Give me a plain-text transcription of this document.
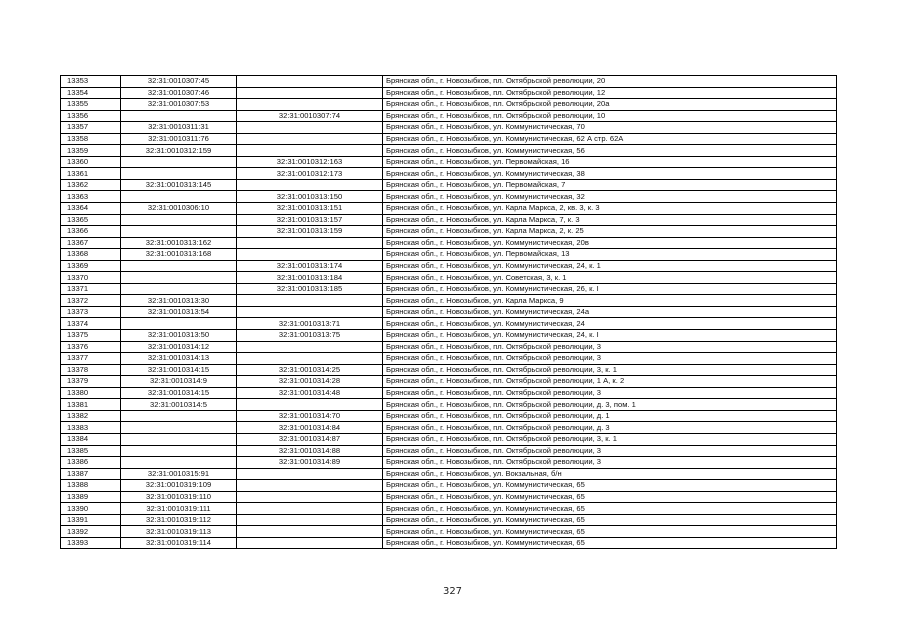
13353	32:31:0010307:45		Брянская обл., г. Новозыбков, пл. Октябрьской революции, 20
13354	32:31:0010307:46		Брянская обл., г. Новозыбков, пл. Октябрьской революции, 12
13355	32:31:0010307:53		Брянская обл., г. Новозыбков, пл. Октябрьской революции, 20а
13356		32:31:0010307:74	Брянская обл., г. Новозыбков, пл. Октябрьской революции, 10
13357	32:31:0010311:31		Брянская обл., г. Новозыбков, ул. Коммунистическая, 70
13358	32:31:0010311:76		Брянская обл., г. Новозыбков, ул. Коммунистическая, 62 А стр. 62А
13359	32:31:0010312:159		Брянская обл., г. Новозыбков, ул. Коммунистическая, 56
13360		32:31:0010312:163	Брянская обл., г. Новозыбков, ул. Первомайская, 16
13361		32:31:0010312:173	Брянская обл., г. Новозыбков, ул. Коммунистическая, 38
13362	32:31:0010313:145		Брянская обл., г. Новозыбков, ул. Первомайская, 7
13363		32:31:0010313:150	Брянская обл., г. Новозыбков, ул. Коммунистическая, 32
13364	32:31:0010306:10	32:31:0010313:151	Брянская обл., г. Новозыбков, ул. Карла Маркса, 2, кв. 3, к. 3
13365		32:31:0010313:157	Брянская обл., г. Новозыбков, ул. Карла Маркса, 7, к. 3
13366		32:31:0010313:159	Брянская обл., г. Новозыбков, ул. Карла Маркса, 2, к. 25
13367	32:31:0010313:162		Брянская обл., г. Новозыбков, ул. Коммунистическая, 20в
13368	32:31:0010313:168		Брянская обл., г. Новозыбков, ул. Первомайская, 13
13369		32:31:0010313:174	Брянская обл., г. Новозыбков, ул. Коммунистическая, 24, к. 1
13370		32:31:0010313:184	Брянская обл., г. Новозыбков, ул. Советская, 3, к. 1
13371		32:31:0010313:185	Брянская обл., г. Новозыбков, ул. Коммунистическая, 26, к. I
13372	32:31:0010313:30		Брянская обл., г. Новозыбков, ул. Карла Маркса, 9
13373	32:31:0010313:54		Брянская обл., г. Новозыбков, ул. Коммунистическая, 24а
13374		32:31:0010313:71	Брянская обл., г. Новозыбков, ул. Коммунистическая, 24
13375	32:31:0010313:50	32:31:0010313:75	Брянская обл., г. Новозыбков, ул. Коммунистическая, 24, к. I
13376	32:31:0010314:12		Брянская обл., г. Новозыбков, пл. Октябрьской революции, 3
13377	32:31:0010314:13		Брянская обл., г. Новозыбков, пл. Октябрьской революции, 3
13378	32:31:0010314:15	32:31:0010314:25	Брянская обл., г. Новозыбков, пл. Октябрьской революции, 3, к. 1
13379	32:31:0010314:9	32:31:0010314:28	Брянская обл., г. Новозыбков, пл. Октябрьской революции, 1 А, к. 2
13380	32:31:0010314:15	32:31:0010314:48	Брянская обл., г. Новозыбков, пл. Октябрьской революции, 3
13381	32:31:0010314:5		Брянская обл., г. Новозыбков, пл. Октябрьской революции, д. 3, пом. 1
13382		32:31:0010314:70	Брянская обл., г. Новозыбков, пл. Октябрьской революции, д. 1
13383		32:31:0010314:84	Брянская обл., г. Новозыбков, пл. Октябрьской революции, д. 3
13384		32:31:0010314:87	Брянская обл., г. Новозыбков, пл. Октябрьской революции, 3, к. 1
13385		32:31:0010314:88	Брянская обл., г. Новозыбков, пл. Октябрьской революции, 3
13386		32:31:0010314:89	Брянская обл., г. Новозыбков, пл. Октябрьской революции, 3
13387	32:31:0010315:91		Брянская обл., г. Новозыбков, ул. Вокзальная, б/н
13388	32:31:0010319:109		Брянская обл., г. Новозыбков, ул. Коммунистическая, 65
13389	32:31:0010319:110		Брянская обл., г. Новозыбков, ул. Коммунистическая, 65
13390	32:31:0010319:111		Брянская обл., г. Новозыбков, ул. Коммунистическая, 65
13391	32:31:0010319:112		Брянская обл., г. Новозыбков, ул. Коммунистическая, 65
13392	32:31:0010319:113		Брянская обл., г. Новозыбков, ул. Коммунистическая, 65
13393	32:31:0010319:114		Брянская обл., г. Новозыбков, ул. Коммунистическая, 65
327
